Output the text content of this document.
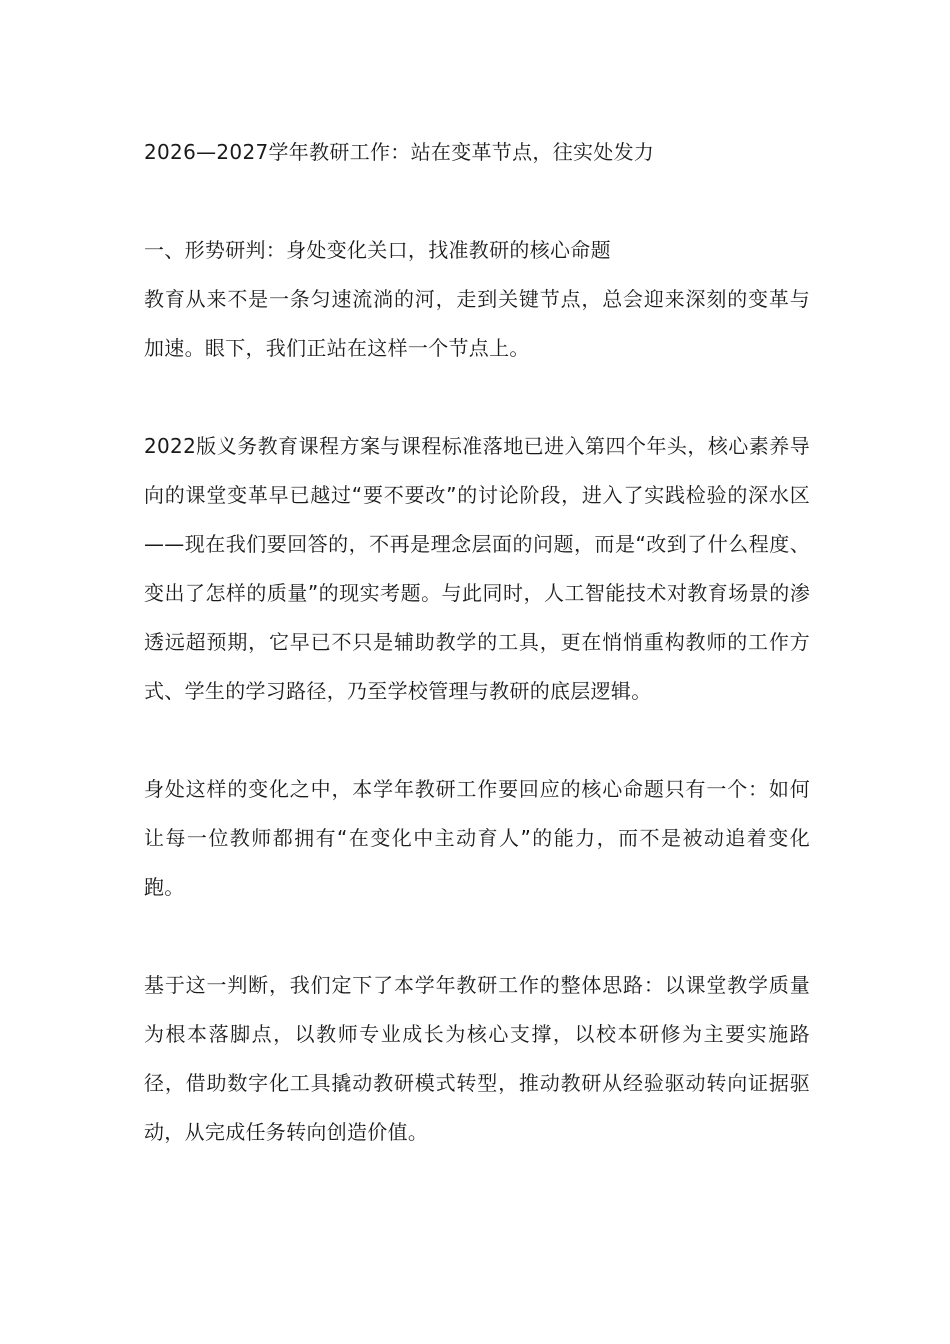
2026—2027学年教研工作：站在变革节点，往实处发力
一、形势研判：身处变化关口，找准教研的核心命题

教育从来不是一条匀速流淌的河，走到关键节点，总会迎来深刻的变革与加速。眼下，我们正站在这样一个节点上。

2022版义务教育课程方案与课程标准落地已进入第四个年头，核心素养导向的课堂变革早已越过“要不要改”的讨论阶段，进入了实践检验的深水区——现在我们要回答的，不再是理念层面的问题，而是“改到了什么程度、变出了怎样的质量”的现实考题。与此同时，人工智能技术对教育场景的渗透远超预期，它早已不只是辅助教学的工具，更在悄悄重构教师的工作方式、学生的学习路径，乃至学校管理与教研的底层逻辑。

身处这样的变化之中，本学年教研工作要回应的核心命题只有一个：如何让每一位教师都拥有“在变化中主动育人”的能力，而不是被动追着变化跑。

基于这一判断，我们定下了本学年教研工作的整体思路：以课堂教学质量为根本落脚点，以教师专业成长为核心支撑，以校本研修为主要实施路径，借助数字化工具撬动教研模式转型，推动教研从经验驱动转向证据驱动，从完成任务转向创造价值。
